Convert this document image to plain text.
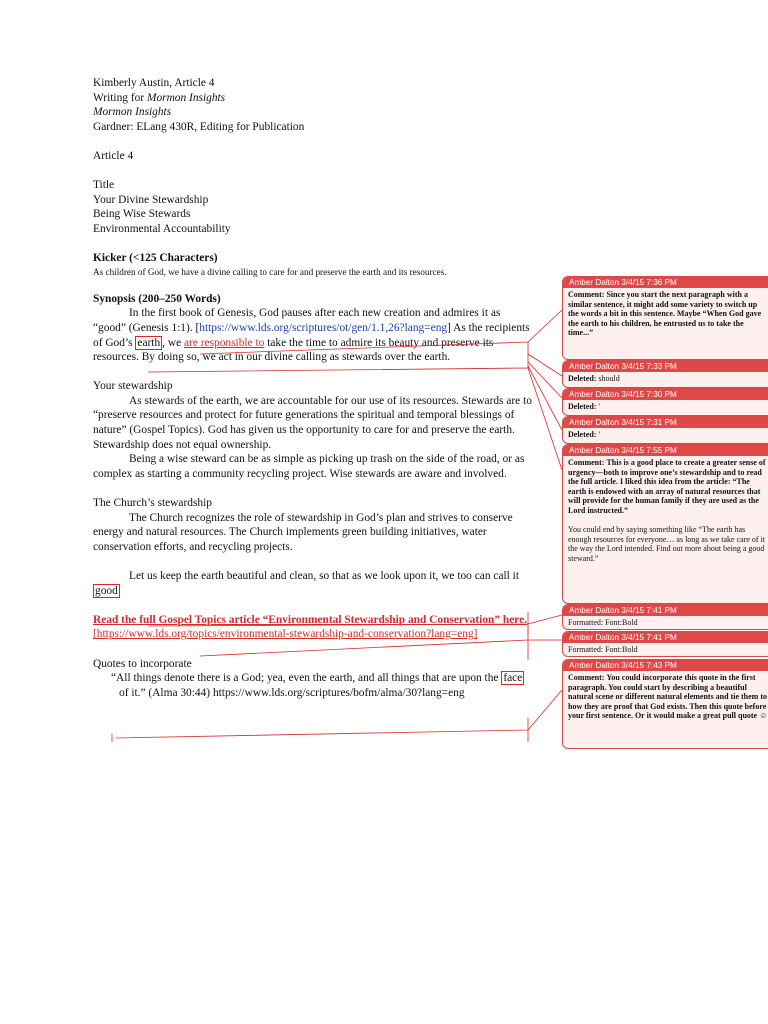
Kimberly Austin, Article 4

Writing for Mormon Insights

Mormon Insights

Gardner: ELang 430R, Editing for Publication

Article 4

Title

Your Divine Stewardship

Being Wise Stewards

Environmental Accountability

Kicker (<125 Characters)

As children of God, we have a divine calling to care for and preserve the earth and its resources.

Synopsis (200–250 Words)

In the first book of Genesis, God pauses after each new creation and admires it as “good” (Genesis 1:1). [https://www.lds.org/scriptures/ot/gen/1.1,26?lang=eng] As the recipients of God’s earth , we are responsible to take the time to admire its beauty and preserve its resources. By doing so, we act in our divine calling as stewards over the earth.

Your stewardship

As stewards of the earth, we are accountable for our use of its resources. Stewards are to “preserve resources and protect for future generations the spiritual and temporal blessings of nature” (Gospel Topics). God has given us the opportunity to care for and preserve the earth. Stewardship does not equal ownership.

Being a wise steward can be as simple as picking up trash on the side of the road, or as complex as starting a community recycling project. Wise stewards are aware and involved.

The Church’s stewardship

The Church recognizes the role of stewardship in God’s plan and strives to conserve energy and natural resources. The Church implements green building initiatives, water conservation efforts, and recycling projects.

Let us keep the earth beautiful and clean, so that as we look upon it, we too can call it good

Read the full Gospel Topics article “Environmental Stewardship and Conservation” here. [https://www.lds.org/topics/environmental-stewardship-and-conservation?lang=eng]

Quotes to incorporate

“All things denote there is a God; yea, even the earth, and all things that are upon the face of it.” (Alma 30:44) https://www.lds.org/scriptures/bofm/alma/30?lang=eng

Amber Dalton 3/4/15 7:36 PM
Comment: Since you start the next paragraph with a similar sentence, it might add some variety to switch up the words a bit in this sentence. Maybe “When God gave the earth to his children, he entrusted us to take the time...”
Amber Dalton 3/4/15 7:33 PM
Deleted: should
Amber Dalton 3/4/15 7:30 PM
Deleted: '
Amber Dalton 3/4/15 7:31 PM
Deleted: '
Amber Dalton 3/4/15 7:55 PM
Comment: This is a good place to create a greater sense of urgency—both to improve one’s stewardship and to read the full article. I liked this idea from the article: “The earth is endowed with an array of natural resources that will provide for the human family if they are used as the Lord instructed.”

You could end by saying something like “The earth has enough resources for everyone… as long as we take care of it the way the Lord intended. Find out more about being a good steward.”
Amber Dalton 3/4/15 7:41 PM
Formatted: Font:Bold
Amber Dalton 3/4/15 7:41 PM
Formatted: Font:Bold
Amber Dalton 3/4/15 7:43 PM
Comment: You could incorporate this quote in the first paragraph. You could start by describing a beautiful natural scene or different natural elements and tie them to how they are proof that God exists. Then this quote before your first sentence. Or it would make a great pull quote ☺
